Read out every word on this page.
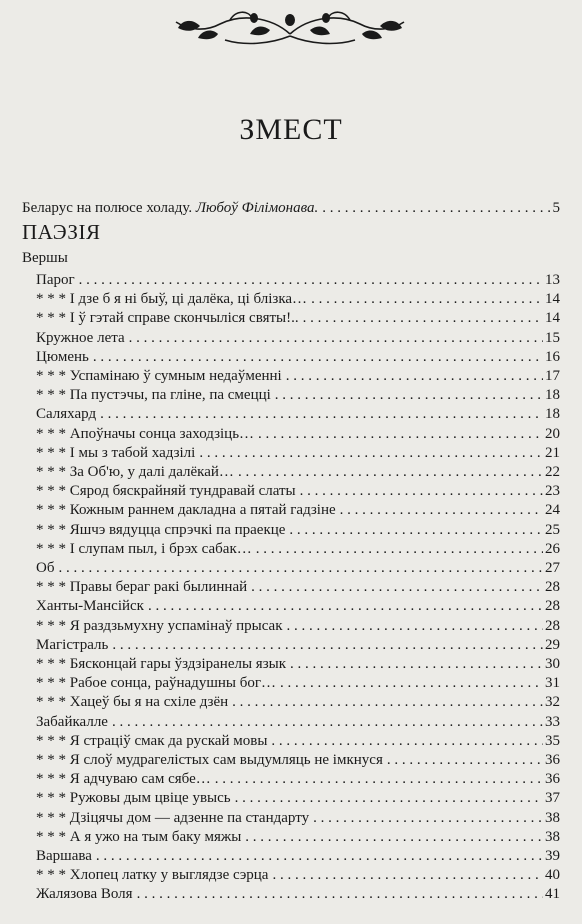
ЗМЕСТ
Беларус на полюсе холаду. Любоў Філімонава. . . .	5
ПАЭЗІЯ
Вершы
Парог . . .	13
* * * І дзе б я ні быў, ці далёка, ці блізка… . . .	14
* * * І ў гэтай справе скончыліся святы!.. . . .	14
Кружное лета . . .	15
Цюмень . . .	16
* * * Успамінаю ў сумным недаўменні . . .	17
* * * Па пустэчы, па гліне, па смецці . . .	18
Саляхард . . .	18
* * * Апоўначы сонца заходзіць… . . .	20
* * * І мы з табой хадзілі . . .	21
* * * За Об'ю, у далі далёкай… . . .	22
* * * Сярод бяскрайняй тундравай слаты . . .	23
* * * Кожным раннем дакладна а пятай гадзіне . . .	24
* * * Яшчэ вядуцца спрэчкі па праекце . . .	25
* * * І слупам пыл, і брэх сабак… . . .	26
Об . . .	27
* * * Правы бераг ракі былиннай . . .	28
Ханты-Мансійск . . .	28
* * * Я раздзьмухну успамінаў прысак . . .	28
Магістраль . . .	29
* * * Бясконцай гары ўздзіранелы язык . . .	30
* * * Рабое сонца, раўнадушны бог… . . .	31
* * * Хацеў бы я на схіле дзён . . .	32
Забайкалле . . .	33
* * * Я страціў смак да рускай мовы . . .	35
* * * Я слоў мудрагелістых сам выдумляць не імкнуся . . .	36
* * * Я адчуваю сам сябе… . . .	36
* * * Ружовы дым цвіце увысь . . .	37
* * * Дзіцячы дом — адзенне па стандарту . . .	38
* * * А я ужо на тым баку мяжы . . .	38
Варшава . . .	39
* * * Хлопец латку у выглядзе сэрца . . .	40
Жалязова Воля . . .	41
